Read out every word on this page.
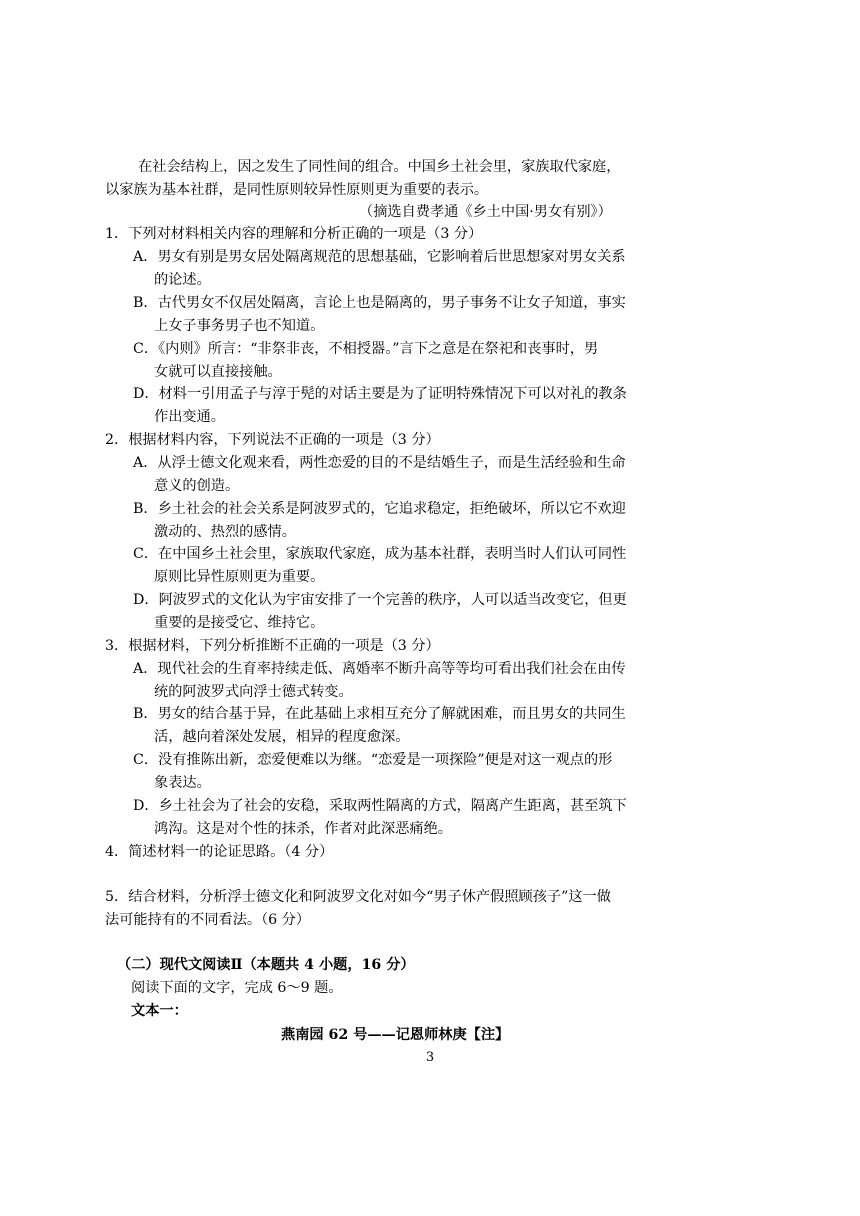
在社会结构上，因之发生了同性间的组合。中国乡土社会里，家族取代家庭，
以家族为基本社群，是同性原则较异性原则更为重要的表示。
（摘选自费孝通《乡土中国·男女有别》）
1．下列对材料相关内容的理解和分析正确的一项是（3 分）
A．男女有别是男女居处隔离规范的思想基础，它影响着后世思想家对男女关系
的论述。
B．古代男女不仅居处隔离，言论上也是隔离的，男子事务不让女子知道，事实
上女子事务男子也不知道。
C．《内则》所言：“非祭非丧，不相授器。”言下之意是在祭祀和丧事时，男
女就可以直接接触。
D．材料一引用孟子与淳于髡的对话主要是为了证明特殊情况下可以对礼的教条
作出变通。
2．根据材料内容，下列说法不正确的一项是（3 分）
A．从浮士德文化观来看，两性恋爱的目的不是结婚生子，而是生活经验和生命
意义的创造。
B．乡土社会的社会关系是阿波罗式的，它追求稳定，拒绝破坏，所以它不欢迎
激动的、热烈的感情。
C．在中国乡土社会里，家族取代家庭，成为基本社群，表明当时人们认可同性
原则比异性原则更为重要。
D．阿波罗式的文化认为宇宙安排了一个完善的秩序，人可以适当改变它，但更
重要的是接受它、维持它。
3．根据材料，下列分析推断不正确的一项是（3 分）
A．现代社会的生育率持续走低、离婚率不断升高等等均可看出我们社会在由传
统的阿波罗式向浮士德式转变。
B．男女的结合基于异，在此基础上求相互充分了解就困难，而且男女的共同生
活，越向着深处发展，相异的程度愈深。
C．没有推陈出新，恋爱便难以为继。“恋爱是一项探险”便是对这一观点的形
象表达。
D．乡土社会为了社会的安稳，采取两性隔离的方式，隔离产生距离，甚至筑下
鸿沟。这是对个性的抹杀，作者对此深恶痛绝。
4．简述材料一的论证思路。（4 分）
5．结合材料，分析浮士德文化和阿波罗文化对如今“男子休产假照顾孩子”这一做
法可能持有的不同看法。（6 分）
（二）现代文阅读Ⅱ（本题共 4 小题，16 分）
阅读下面的文字，完成 6～9 题。
文本一：
燕南园 62 号——记恩师林庚【注】
3
